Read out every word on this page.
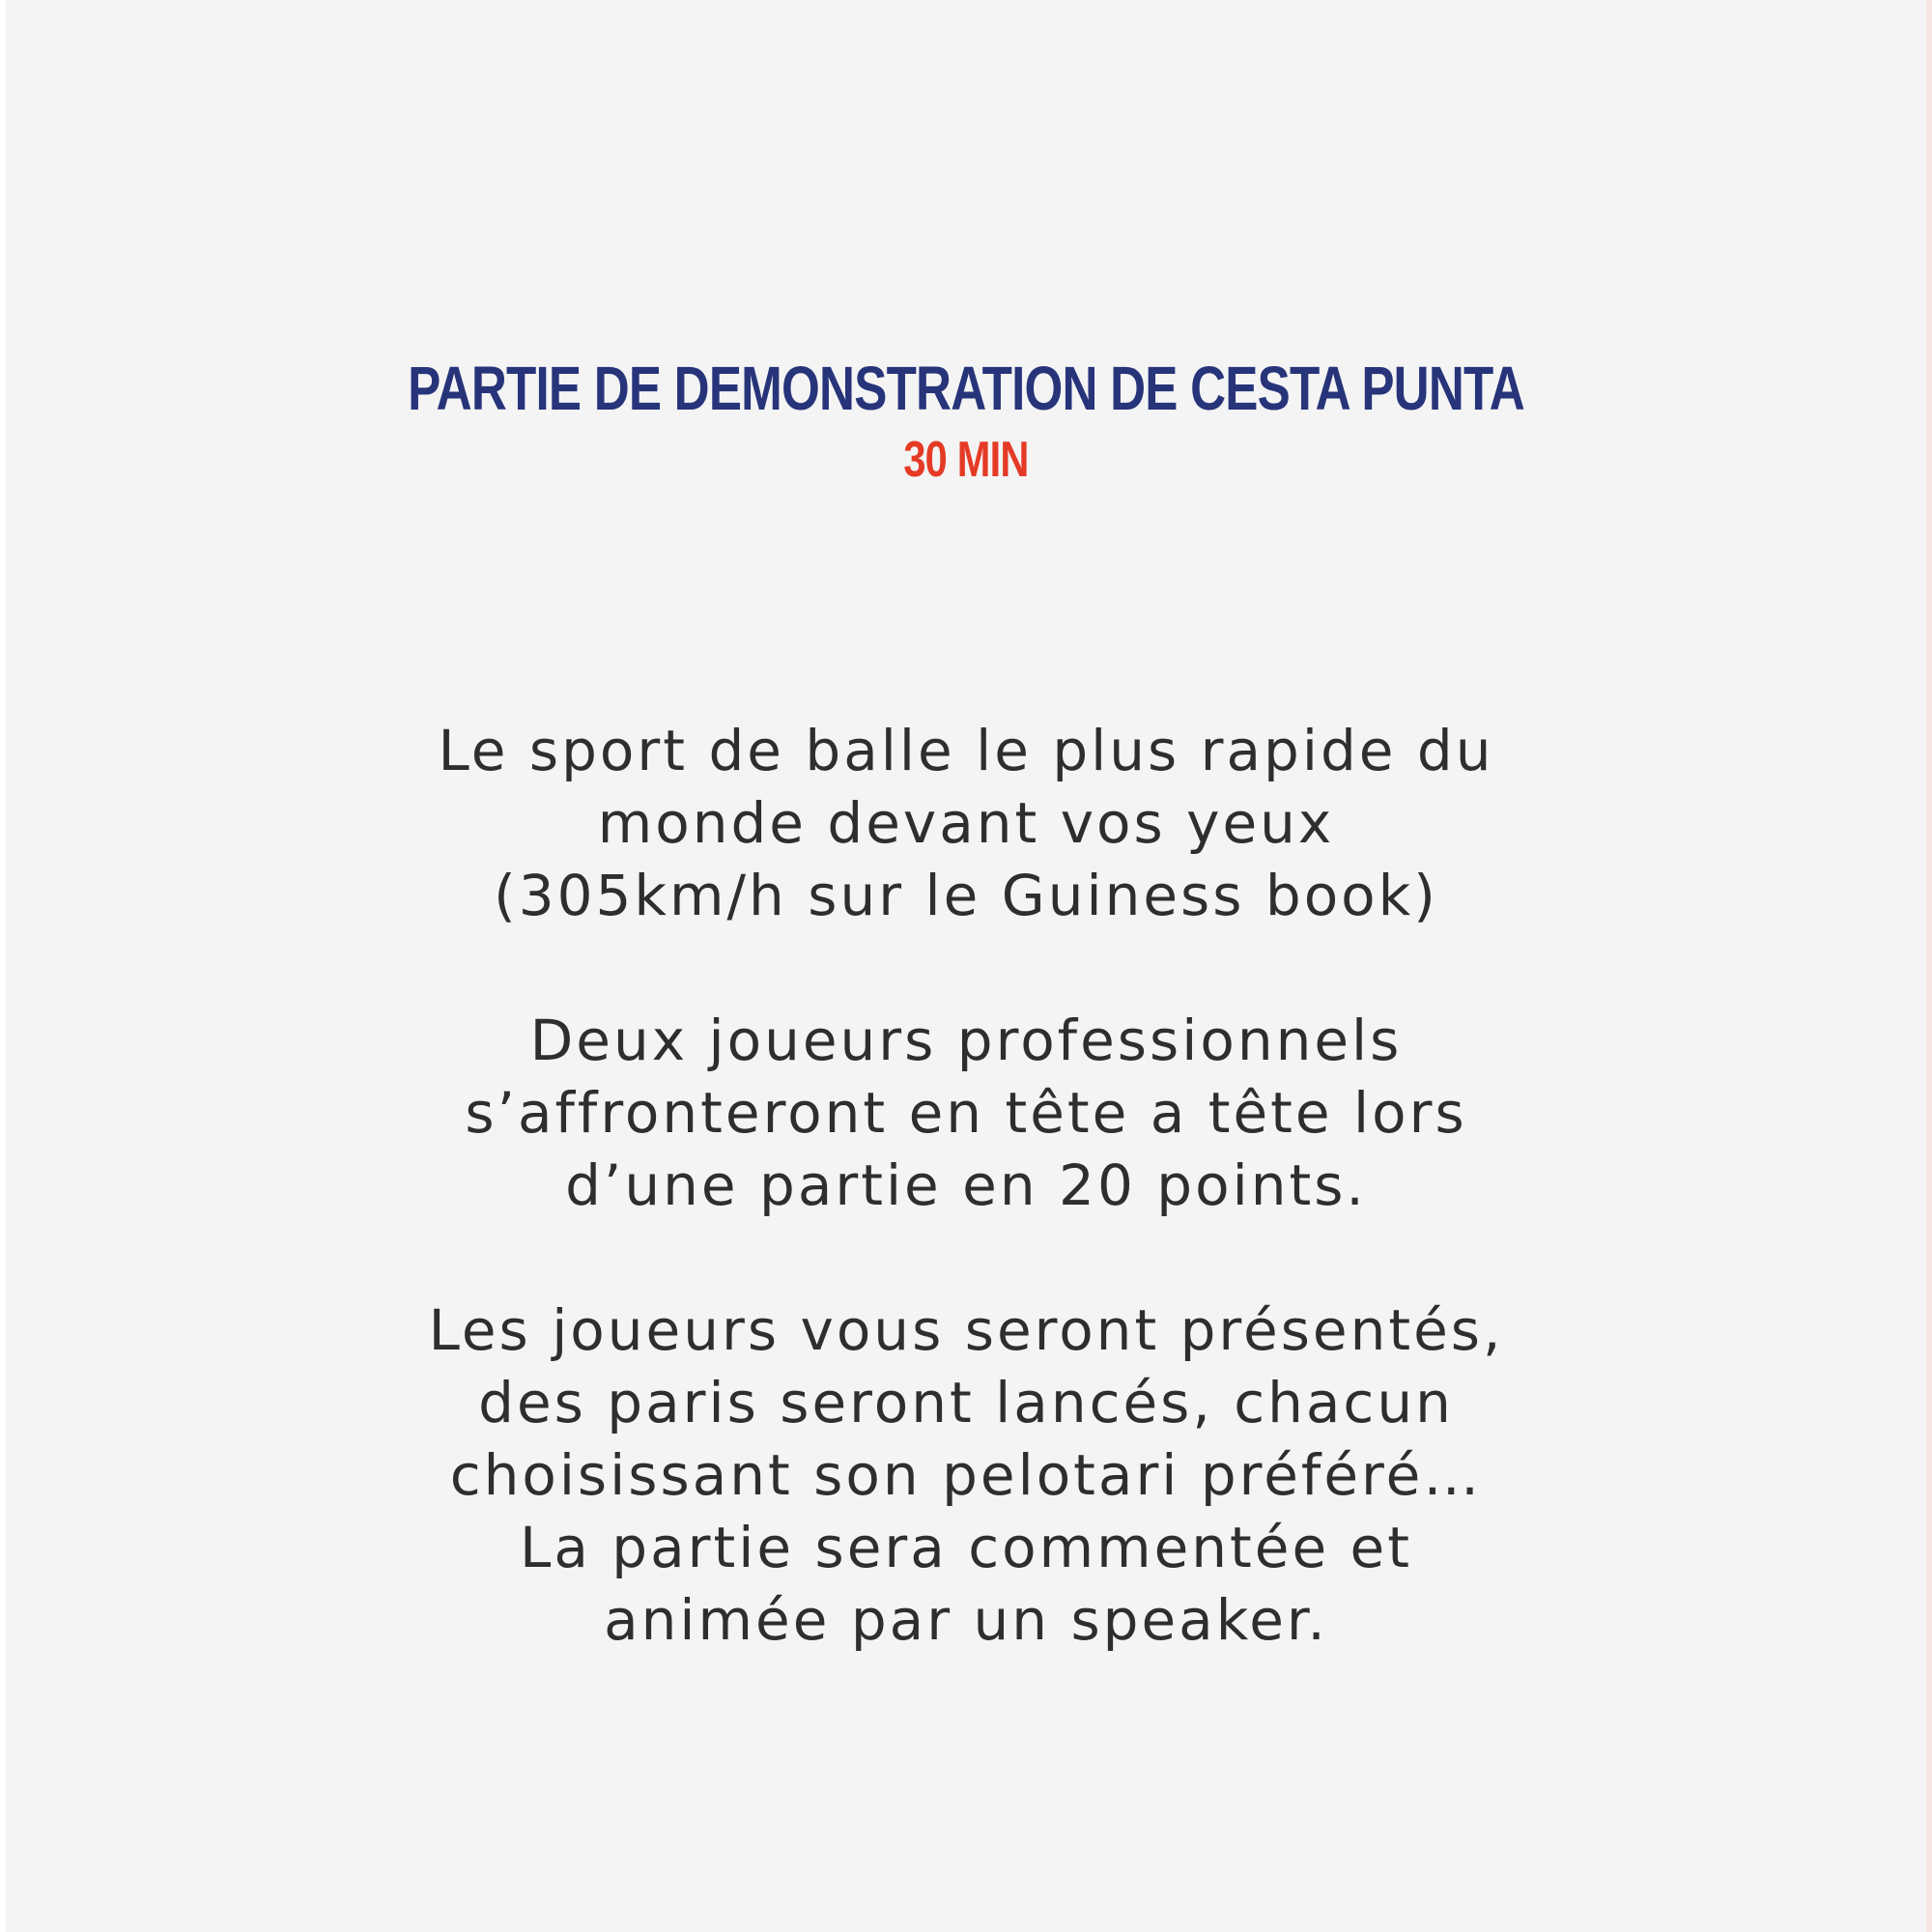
PARTIE DE DEMONSTRATION DE CESTA PUNTA
30 MIN

Le sport de balle le plus rapide du
monde devant vos yeux
(305km/h sur le Guiness book)

Deux joueurs professionnels
s’affronteront en tête a tête lors
d’une partie en 20 points.

Les joueurs vous seront présentés,
des paris seront lancés, chacun
choisissant son pelotari préféré…
La partie sera commentée et
animée par un speaker.
